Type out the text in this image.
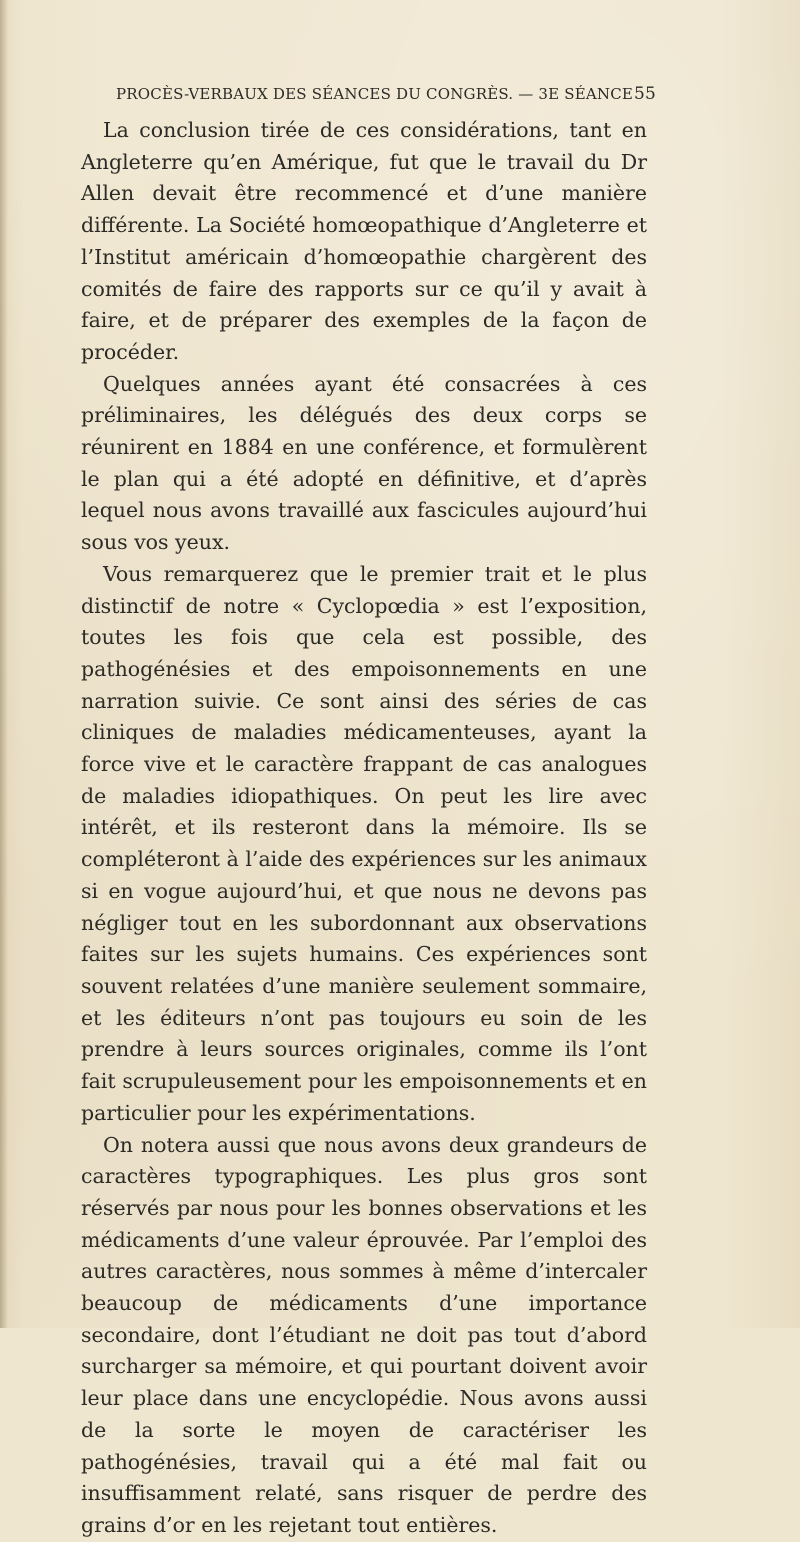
PROCÈS-VERBAUX DES SÉANCES DU CONGRÈS. — 3E SÉANCE 55

La conclusion tirée de ces considérations, tant en Angleterre qu’en Amérique, fut que le travail du Dr Allen devait être recommencé et d’une manière différente. La Société homœopathique d’Angleterre et l’Institut américain d’homœopathie chargèrent des comités de faire des rapports sur ce qu’il y avait à faire, et de préparer des exemples de la façon de procéder.

Quelques années ayant été consacrées à ces préliminaires, les délégués des deux corps se réunirent en 1884 en une conférence, et formulèrent le plan qui a été adopté en définitive, et d’après lequel nous avons travaillé aux fascicules aujourd’hui sous vos yeux.

Vous remarquerez que le premier trait et le plus distinctif de notre « Cyclopœdia » est l’exposition, toutes les fois que cela est possible, des pathogénésies et des empoisonnements en une narration suivie. Ce sont ainsi des séries de cas cliniques de maladies médicamenteuses, ayant la force vive et le caractère frappant de cas analogues de maladies idiopathiques. On peut les lire avec intérêt, et ils resteront dans la mémoire. Ils se compléteront à l’aide des expériences sur les animaux si en vogue aujourd’hui, et que nous ne devons pas négliger tout en les subordonnant aux observations faites sur les sujets humains. Ces expériences sont souvent relatées d’une manière seulement sommaire, et les éditeurs n’ont pas toujours eu soin de les prendre à leurs sources originales, comme ils l’ont fait scrupuleusement pour les empoisonnements et en particulier pour les expérimentations.

On notera aussi que nous avons deux grandeurs de caractères typographiques. Les plus gros sont réservés par nous pour les bonnes observations et les médicaments d’une valeur éprouvée. Par l’emploi des autres caractères, nous sommes à même d’intercaler beaucoup de médicaments d’une importance secondaire, dont l’étudiant ne doit pas tout d’abord surcharger sa mémoire, et qui pourtant doivent avoir leur place dans une encyclopédie. Nous avons aussi de la sorte le moyen de caractériser les pathogénésies, travail qui a été mal fait ou insuffisamment relaté, sans risquer de perdre des grains d’or en les rejetant tout entières.
